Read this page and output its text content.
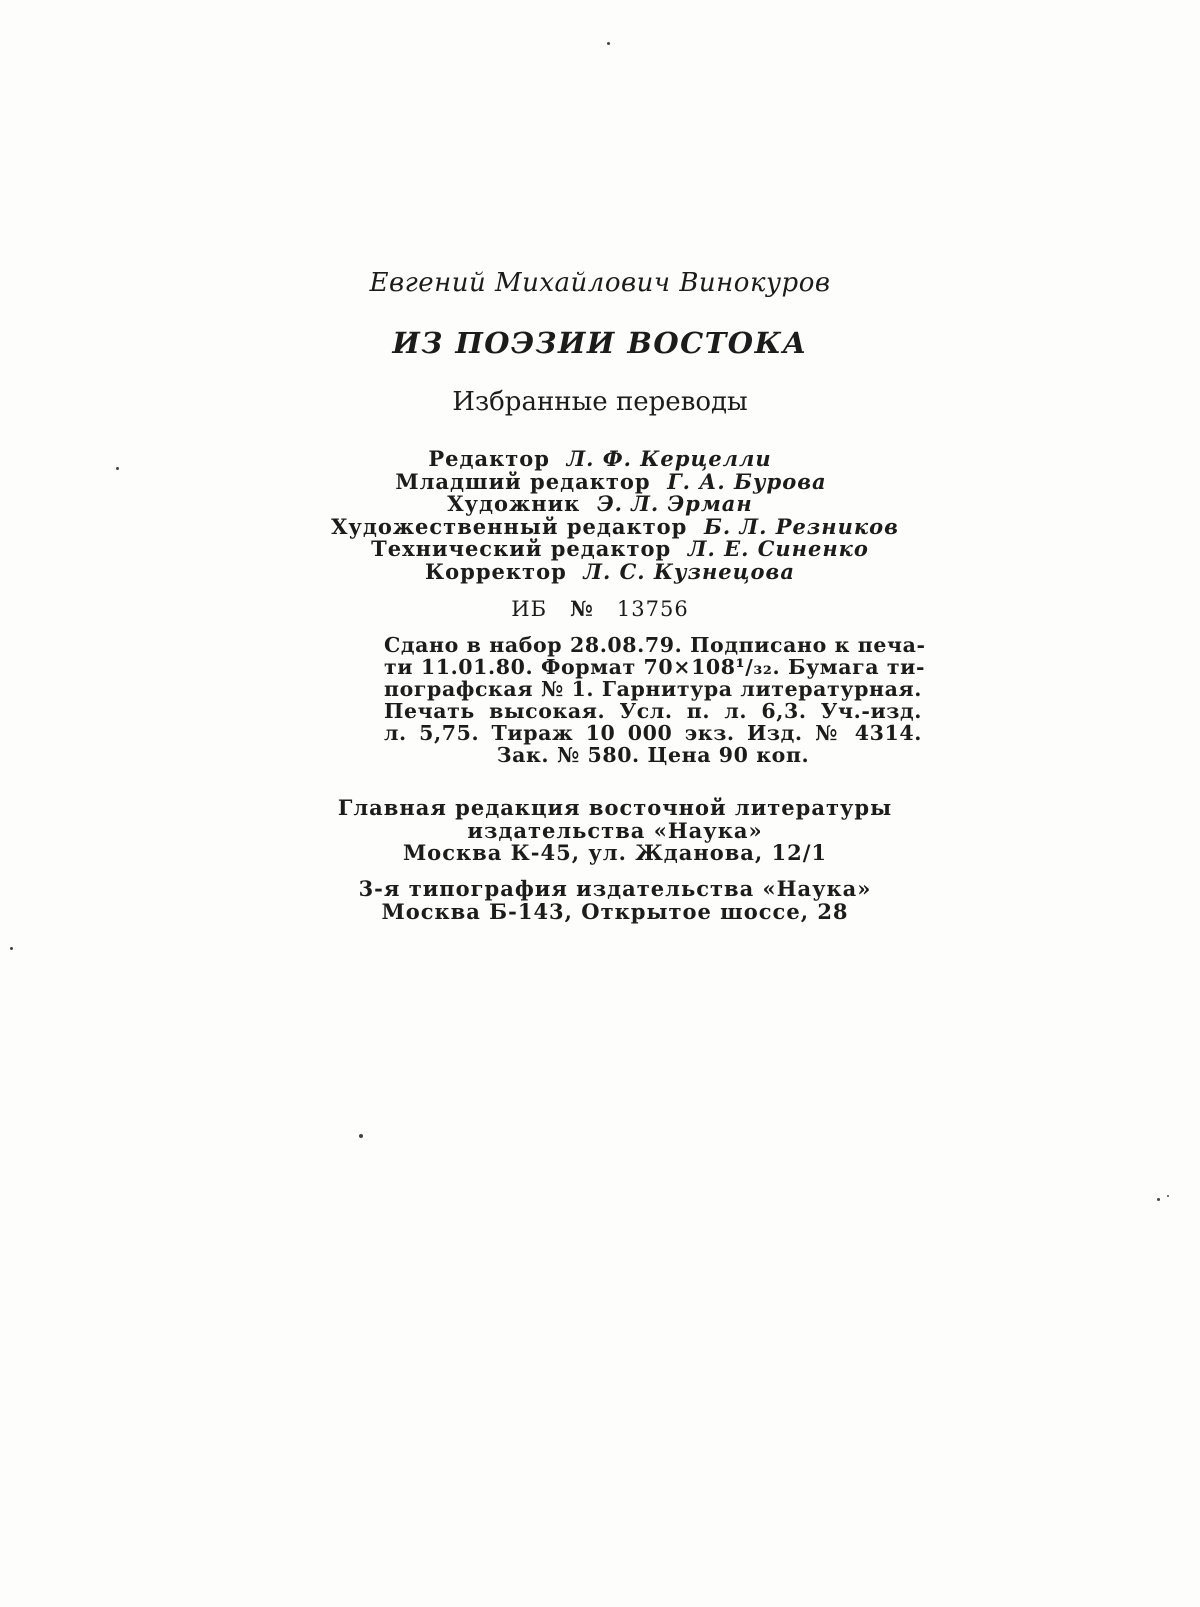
Евгений Михайлович Винокуров
ИЗ ПОЭЗИИ ВОСТОКА
Избранные переводы
Редактор Л. Ф. Керцелли
Младший редактор Г. А. Бурова
Художник Э. Л. Эрман
Художественный редактор Б. Л. Резников
Технический редактор Л. Е. Синенко
Корректор Л. С. Кузнецова
ИБ № 13756
Сдано в набор 28.08.79. Подписано к печа-
ти 11.01.80. Формат 70×108¹/₃₂. Бумага ти-
пографская № 1. Гарнитура литературная.
Печать высокая. Усл. п. л. 6,3. Уч.-изд.
л. 5,75. Тираж 10 000 экз. Изд. № 4314.
Зак. № 580. Цена 90 коп.
Главная редакция восточной литературы
издательства «Наука»
Москва К-45, ул. Жданова, 12/1
3-я типография издательства «Наука»
Москва Б-143, Открытое шоссе, 28
